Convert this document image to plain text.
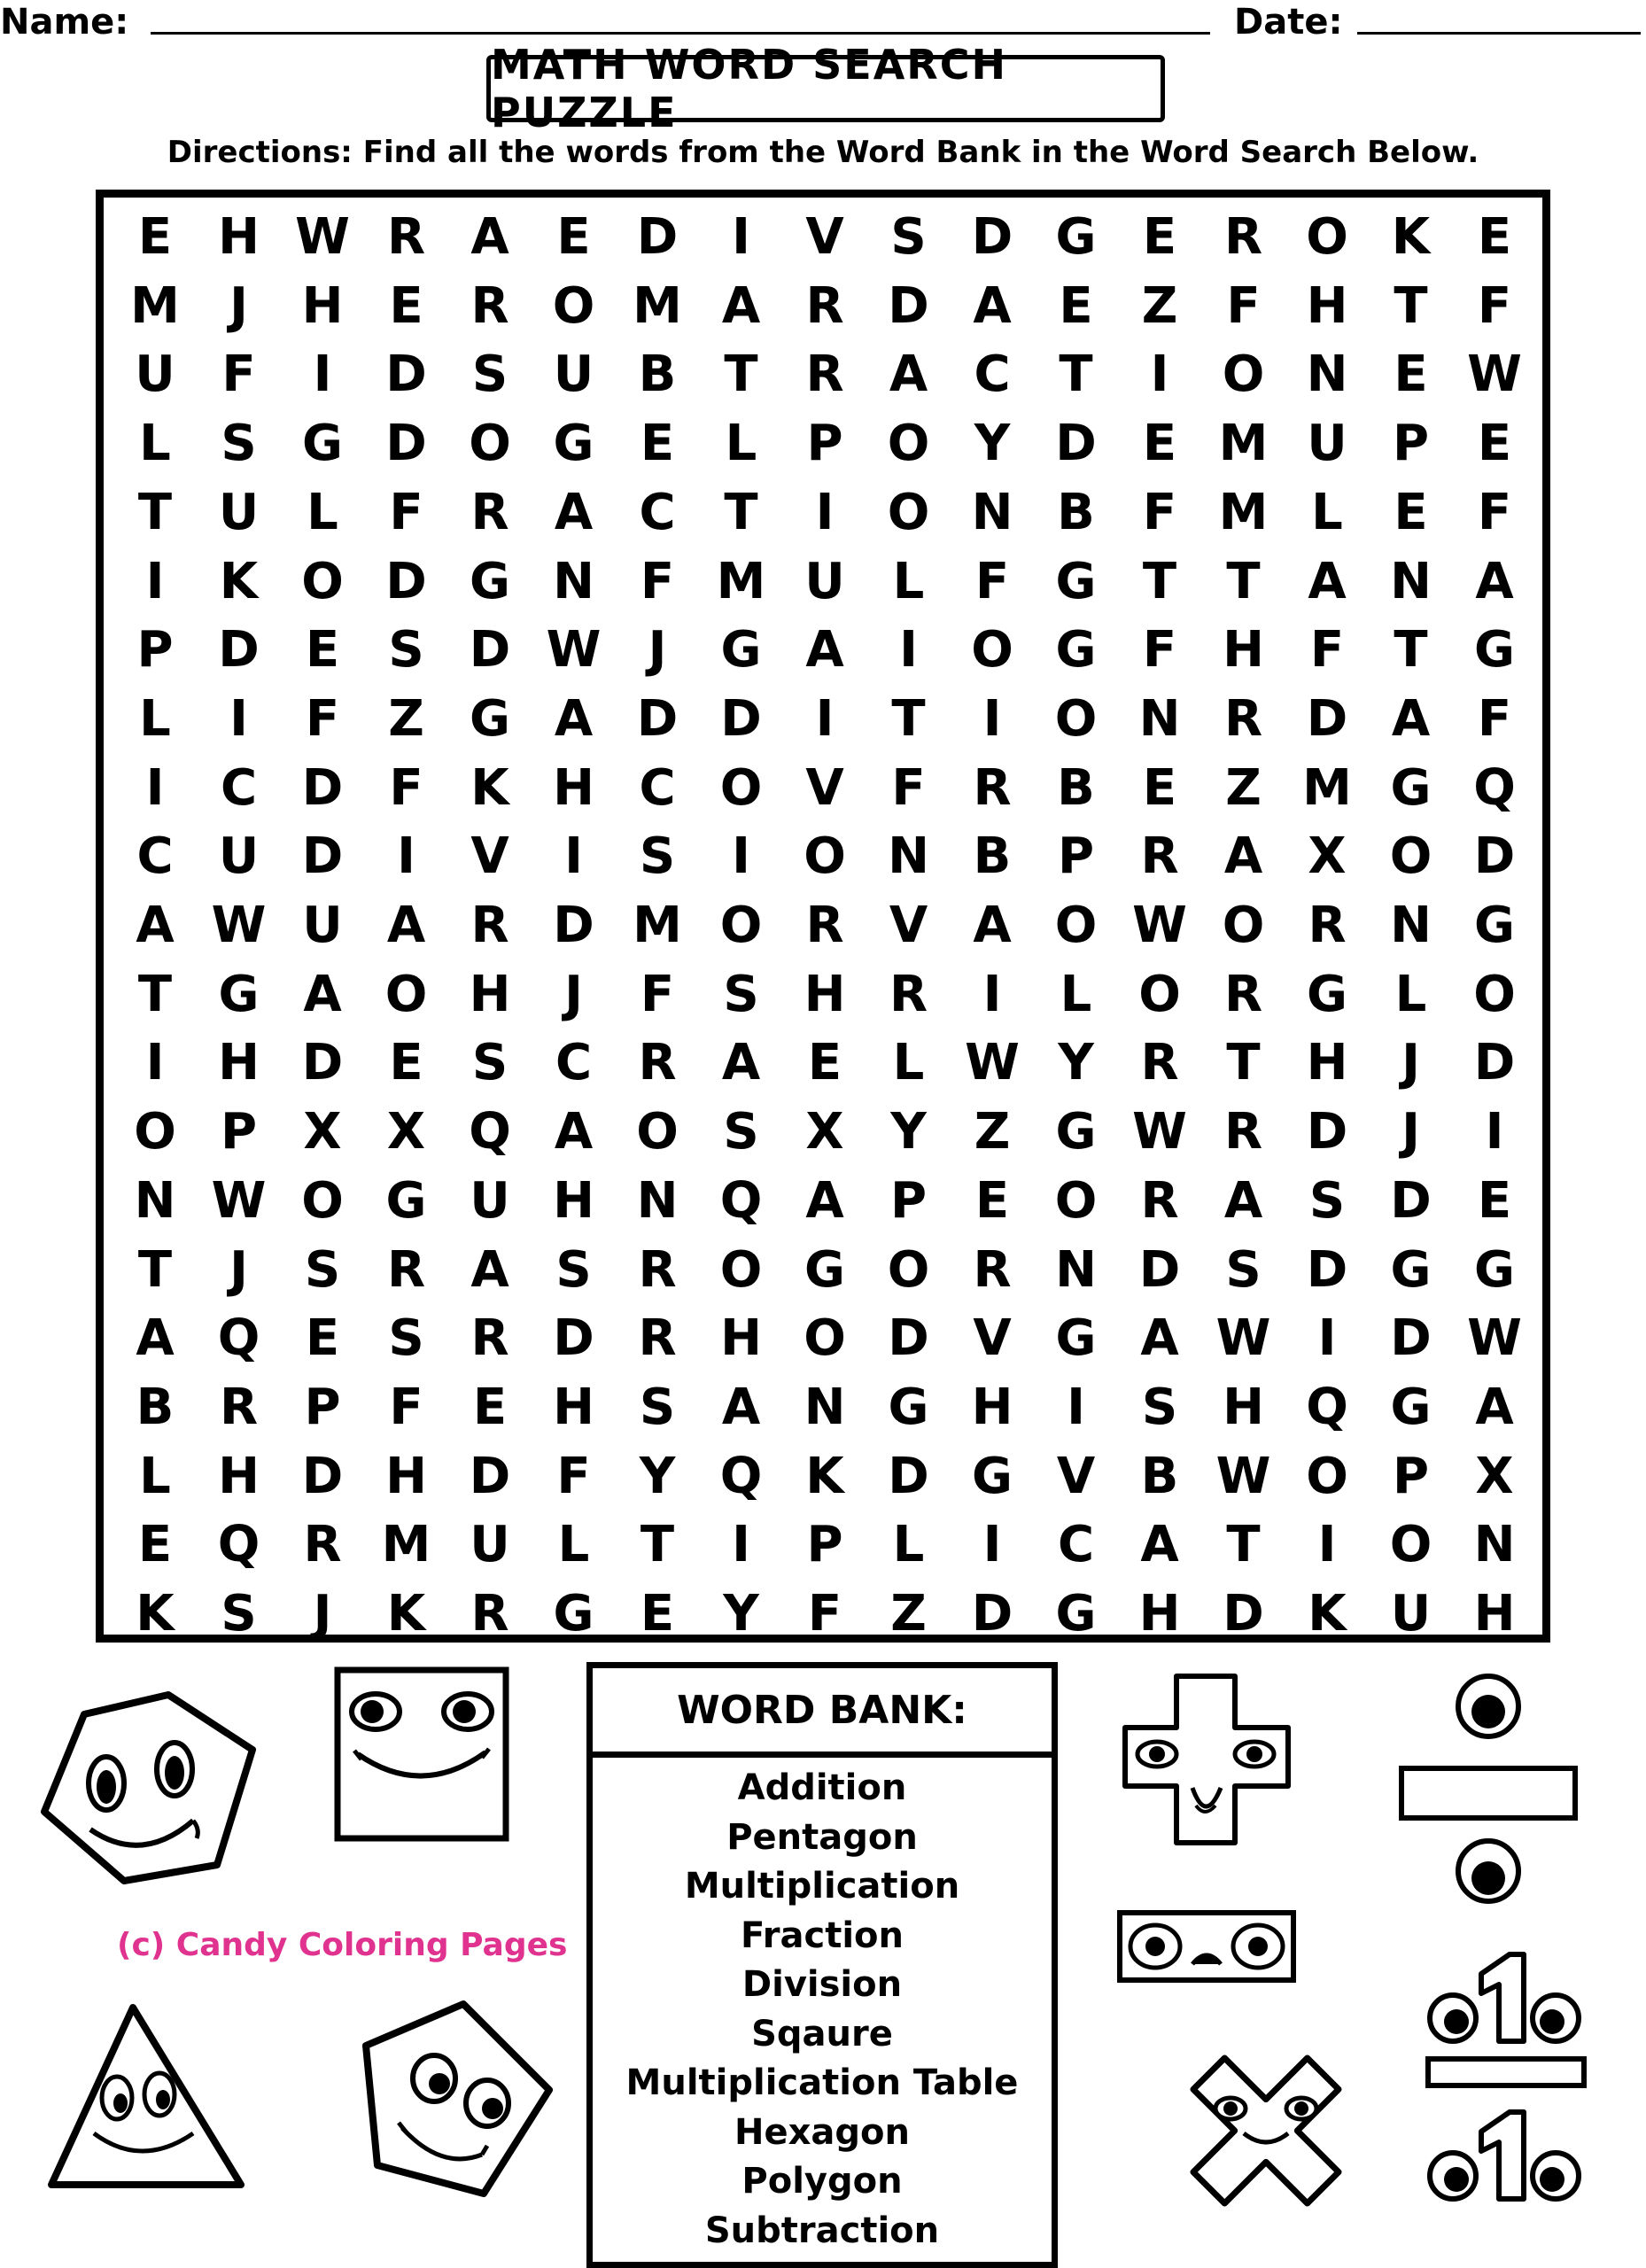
Name:	Date:
MATH WORD SEARCH PUZZLE
Directions: Find all the words from the Word Bank in the Word Search Below.
E H W R A E D	I	V S D G E R O K E
M	J	H E R O M A R D A E Z F H T	F
U F	I	D S U B T R A C T	I	O N E W
L	S G D O G E	L	P O Y D E M U P E
T U L	F R A C T	I	O N B F M L	E	F
I	K O D G N F M U L	F G T	T A N A
P D E S D W J	G A	I	O G F H F	T G
L	I	F Z G A D D	I	T	I	O N R D A F
I	C D F K H C O V F R B E Z M G Q
C U D	I	V	I	S	I	O N B P R A X O D
A W U A R D M O R V A O W O R N G
T G A O H	J	F S H R	I	L O R G L O
I	H D E S C R A E	L W Y R T H	J	D
O P X X Q A O S X Y Z G W R D	J	I
N W O G U H N Q A P E O R A S D E
T	J	S R A S R O G O R N D S D G G
A Q E S R D R H O D V G A W I	D W
B R P F	E H S A N G H	I	S H Q G A
L H D H D F Y Q K D G V B W O P X
E Q R M U L	T	I	P	L	I	C A T	I	O N
K S	J	K R G E Y F Z D G H D K U H
WORD BANK:
Addition
Pentagon
Multiplication
Fraction
Division
Sqaure
Multiplication Table
Hexagon
Polygon
Subtraction
(c) Candy Coloring Pages
